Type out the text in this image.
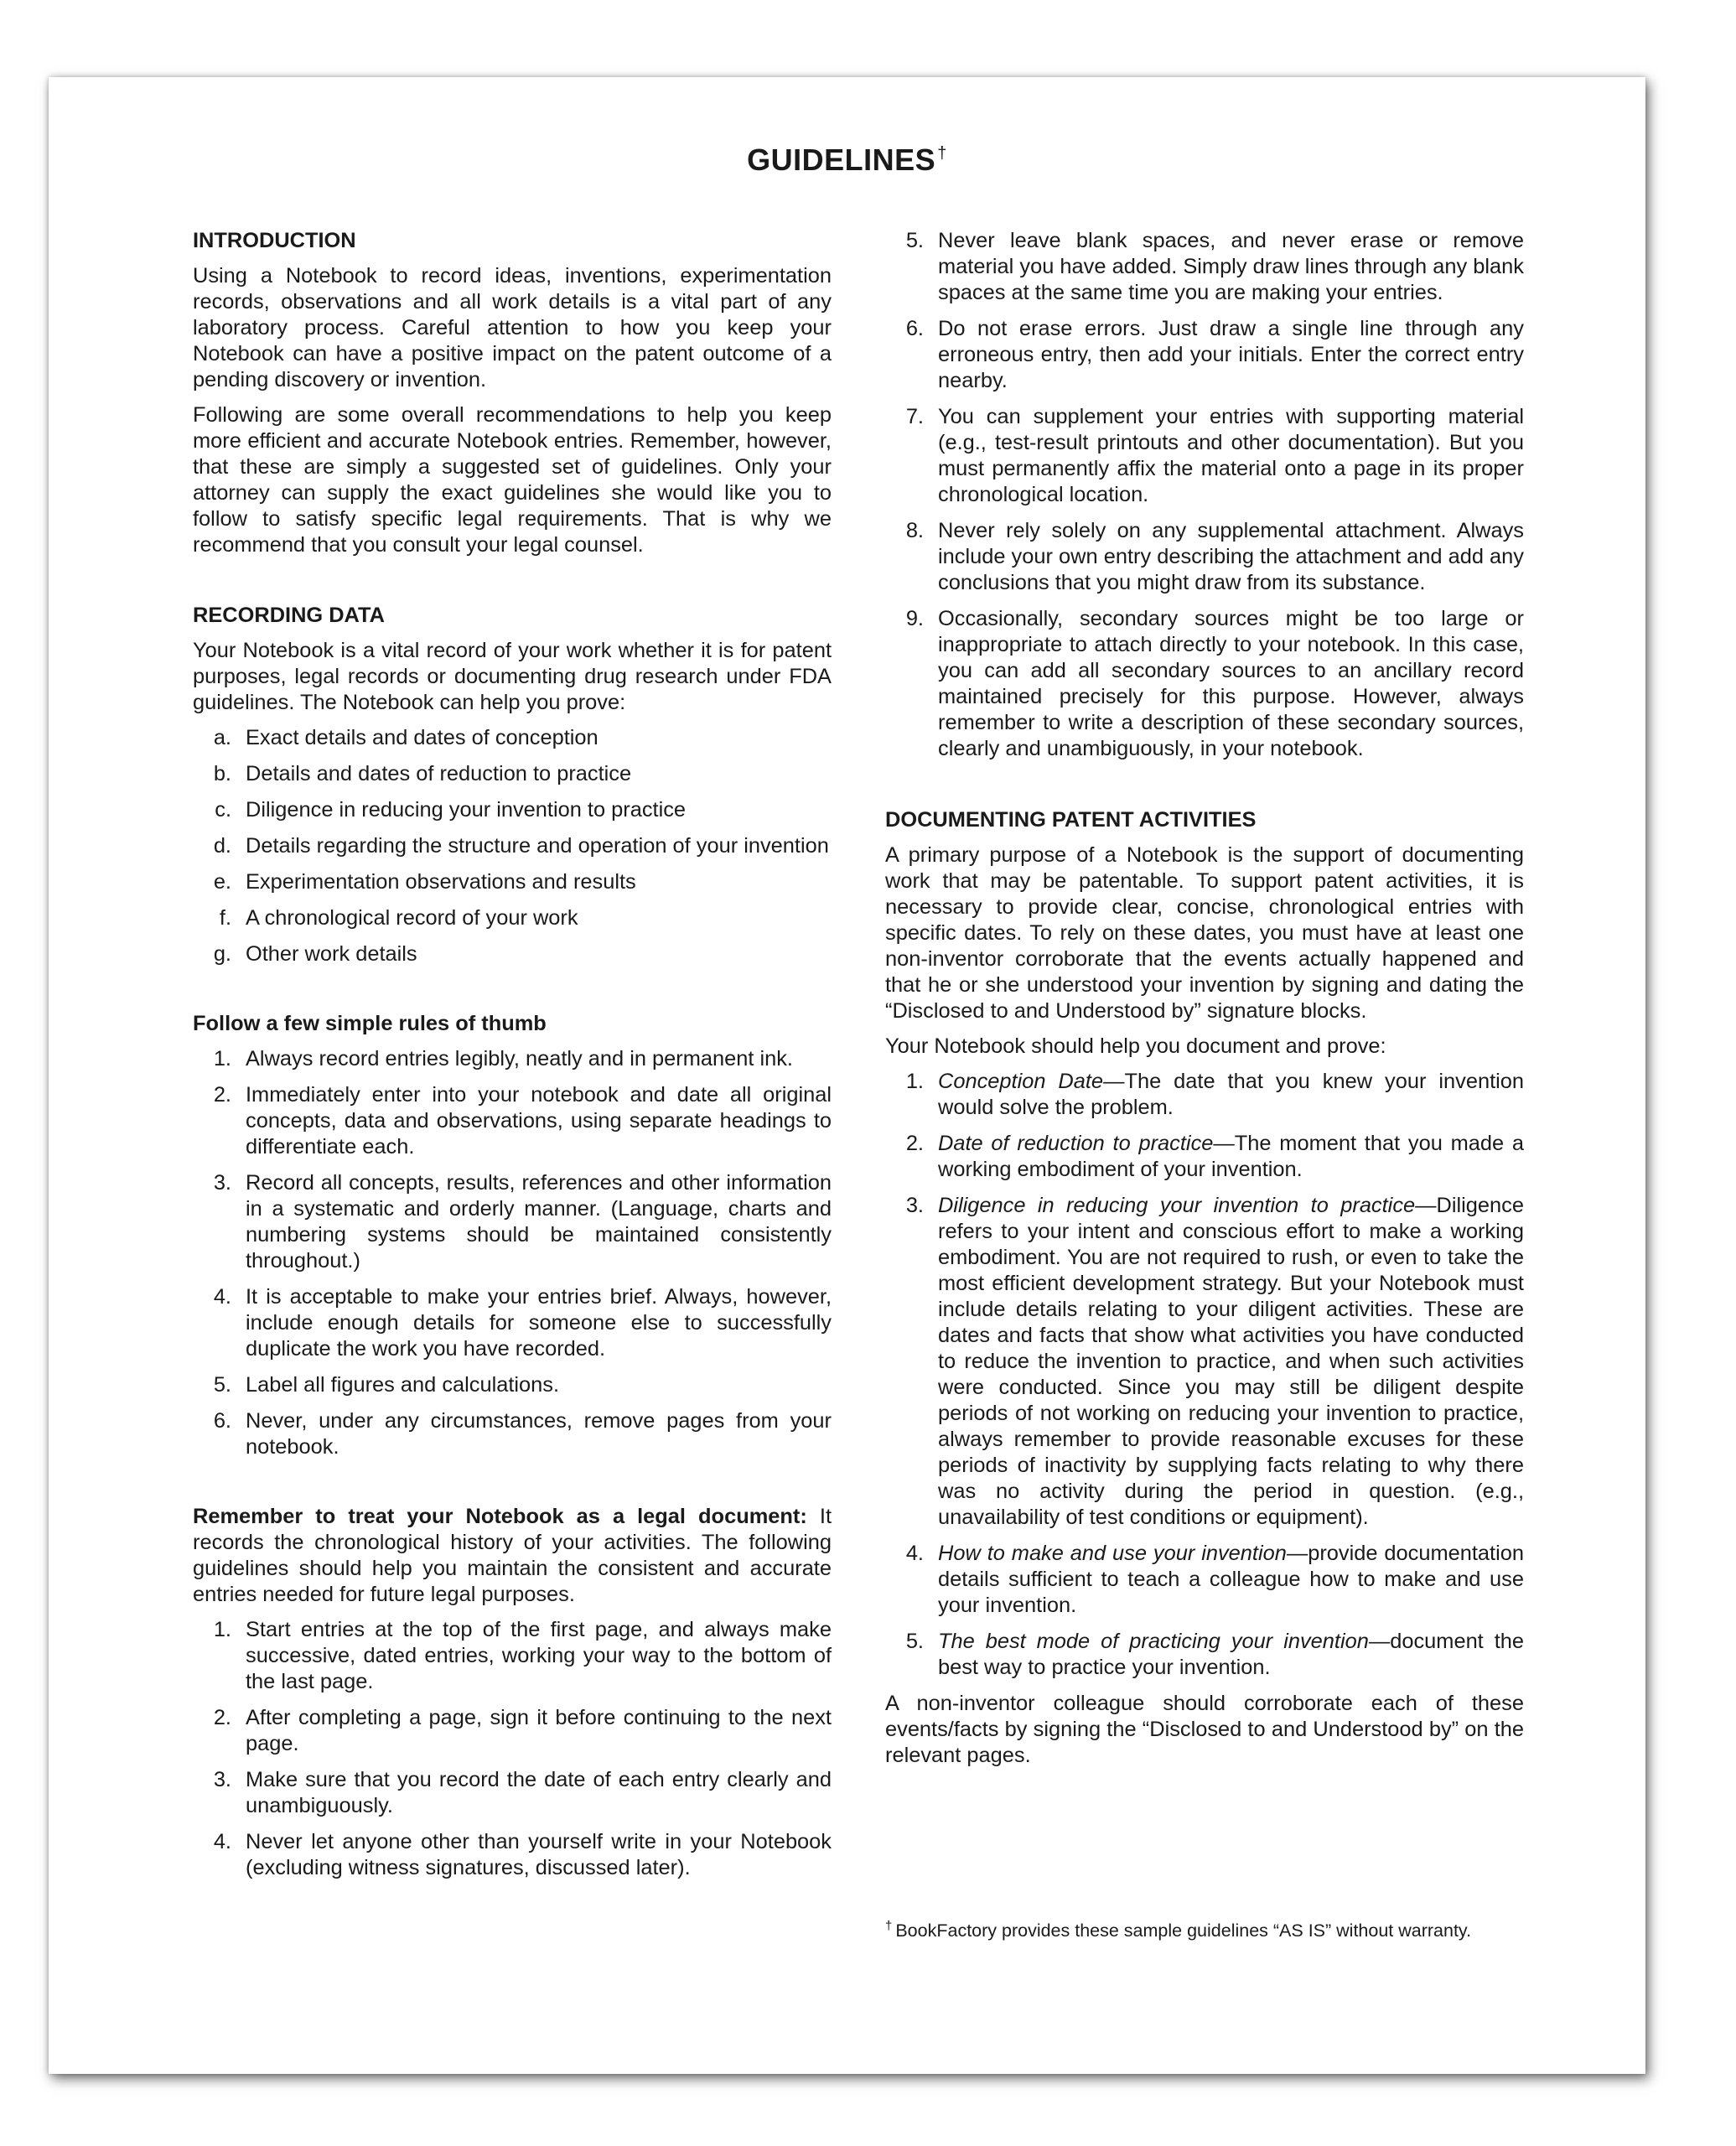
GUIDELINES †
INTRODUCTION

Using a Notebook to record ideas, inventions, experimentation records, observations and all work details is a vital part of any laboratory process. Careful attention to how you keep your Notebook can have a positive impact on the patent outcome of a pending discovery or invention.

Following are some overall recommendations to help you keep more efficient and accurate Notebook entries. Remember, however, that these are simply a suggested set of guidelines. Only your attorney can supply the exact guidelines she would like you to follow to satisfy specific legal requirements. That is why we recommend that you consult your legal counsel.

RECORDING DATA

Your Notebook is a vital record of your work whether it is for patent purposes, legal records or documenting drug research under FDA guidelines. The Notebook can help you prove:

a. Exact details and dates of conception
b. Details and dates of reduction to practice
c. Diligence in reducing your invention to practice
d. Details regarding the structure and operation of your invention
e. Experimentation observations and results
f. A chronological record of your work
g. Other work details
Follow a few simple rules of thumb
1. Always record entries legibly, neatly and in permanent ink.
2. Immediately enter into your notebook and date all original concepts, data and observations, using separate headings to differentiate each.
3. Record all concepts, results, references and other information in a systematic and orderly manner. (Language, charts and numbering systems should be maintained consistently throughout.)
4. It is acceptable to make your entries brief. Always, however, include enough details for someone else to successfully duplicate the work you have recorded.
5. Label all figures and calculations.
6. Never, under any circumstances, remove pages from your notebook.

Remember to treat your Notebook as a legal document: It records the chronological history of your activities. The following guidelines should help you maintain the consistent and accurate entries needed for future legal purposes.

1. Start entries at the top of the first page, and always make successive, dated entries, working your way to the bottom of the last page.
2. After completing a page, sign it before continuing to the next page.
3. Make sure that you record the date of each entry clearly and unambiguously.
4. Never let anyone other than yourself write in your Notebook (excluding witness signatures, discussed later).
5. Never leave blank spaces, and never erase or remove material you have added. Simply draw lines through any blank spaces at the same time you are making your entries.
6. Do not erase errors. Just draw a single line through any erroneous entry, then add your initials. Enter the correct entry nearby.
7. You can supplement your entries with supporting material (e.g., test-result printouts and other documentation). But you must permanently affix the material onto a page in its proper chronological location.
8. Never rely solely on any supplemental attachment. Always include your own entry describing the attachment and add any conclusions that you might draw from its substance.
9. Occasionally, secondary sources might be too large or inappropriate to attach directly to your notebook. In this case, you can add all secondary sources to an ancillary record maintained precisely for this purpose. However, always remember to write a description of these secondary sources, clearly and unambiguously, in your notebook.
DOCUMENTING PATENT ACTIVITIES

A primary purpose of a Notebook is the support of documenting work that may be patentable. To support patent activities, it is necessary to provide clear, concise, chronological entries with specific dates. To rely on these dates, you must have at least one non-inventor corroborate that the events actually happened and that he or she understood your invention by signing and dating the “Disclosed to and Understood by” signature blocks.

Your Notebook should help you document and prove:

1. Conception Date—The date that you knew your invention would solve the problem.
2. Date of reduction to practice—The moment that you made a working embodiment of your invention.
3. Diligence in reducing your invention to practice—Diligence refers to your intent and conscious effort to make a working embodiment. You are not required to rush, or even to take the most efficient development strategy. But your Notebook must include details relating to your diligent activities. These are dates and facts that show what activities you have conducted to reduce the invention to practice, and when such activities were conducted. Since you may still be diligent despite periods of not working on reducing your invention to practice, always remember to provide reasonable excuses for these periods of inactivity by supplying facts relating to why there was no activity during the period in question. (e.g., unavailability of test conditions or equipment).
4. How to make and use your invention—provide documentation details sufficient to teach a colleague how to make and use your invention.
5. The best mode of practicing your invention—document the best way to practice your invention.

A non-inventor colleague should corroborate each of these events/facts by signing the “Disclosed to and Understood by” on the relevant pages.

† BookFactory provides these sample guidelines “AS IS” without warranty.
